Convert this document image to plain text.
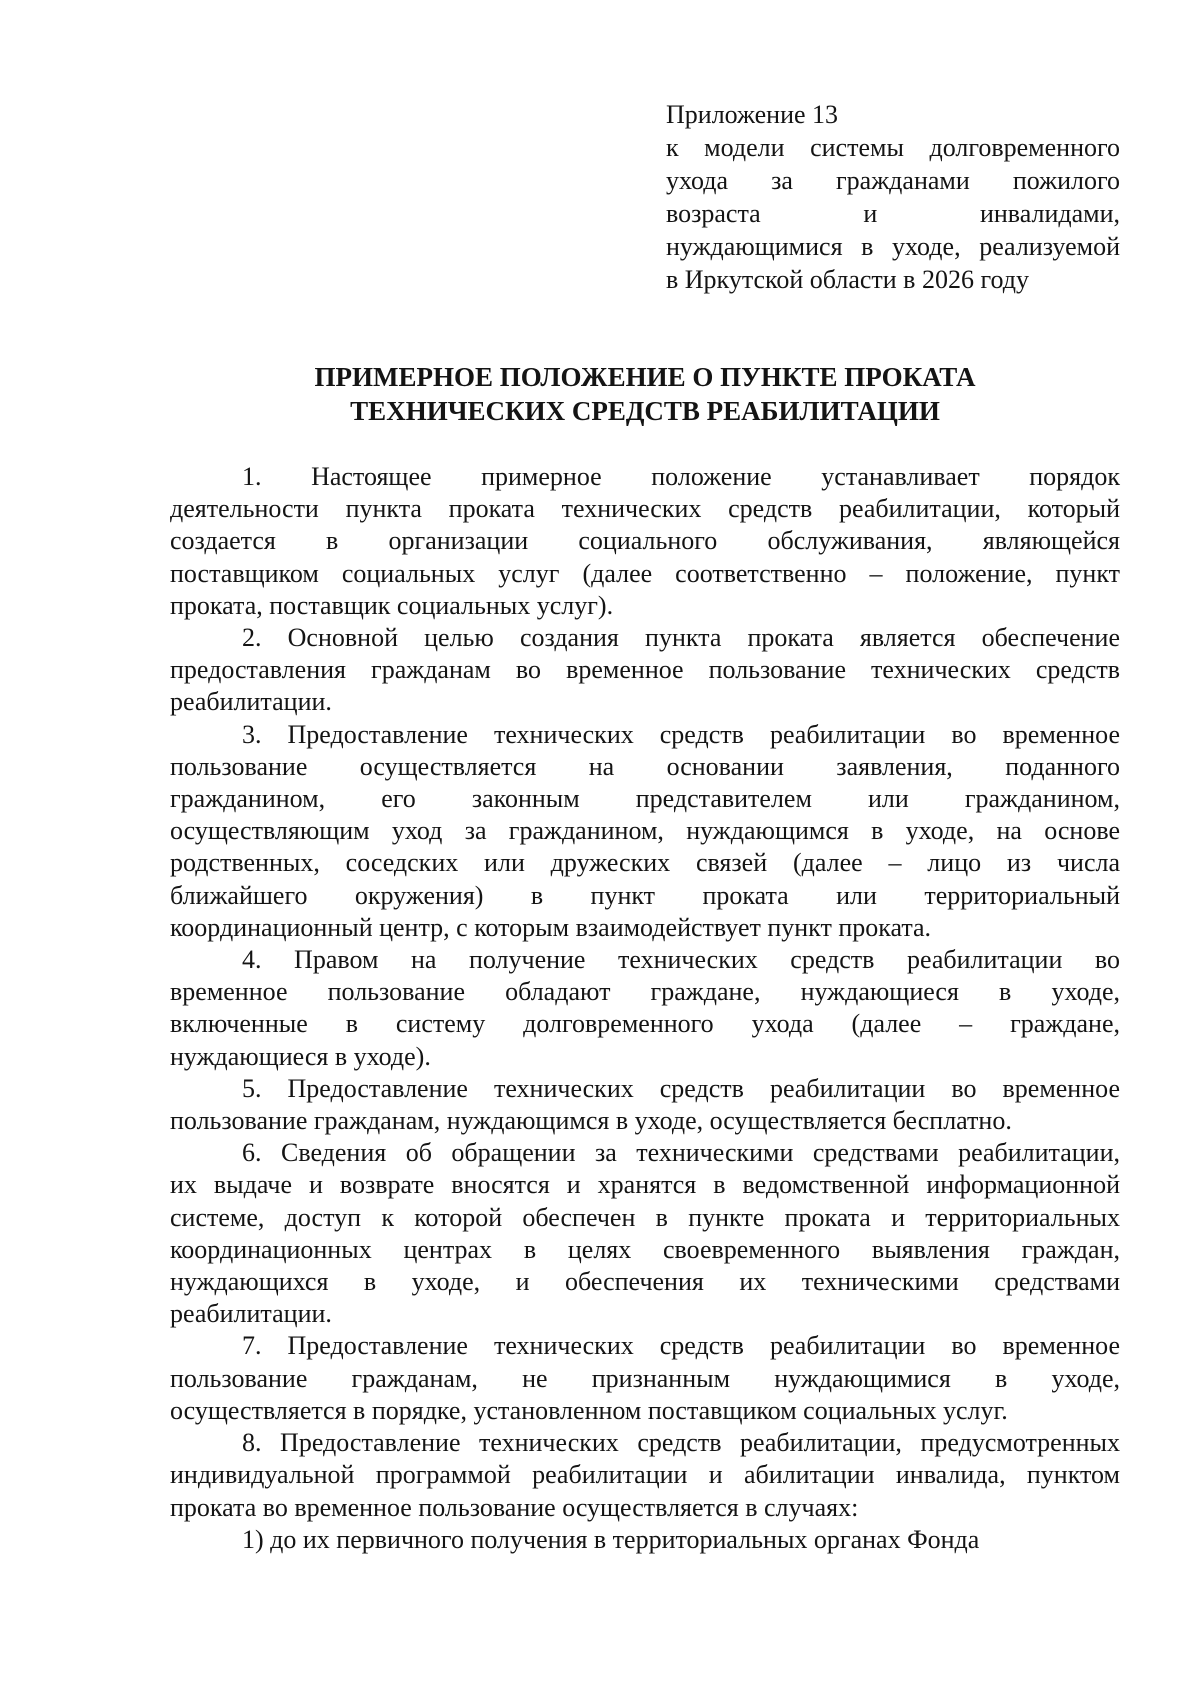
Приложение 13
к модели системы долговременного
ухода за гражданами пожилого
возраста и инвалидами,
нуждающимися в уходе, реализуемой
в Иркутской области в 2026 году
ПРИМЕРНОЕ ПОЛОЖЕНИЕ О ПУНКТЕ ПРОКАТА
ТЕХНИЧЕСКИХ СРЕДСТВ РЕАБИЛИТАЦИИ
1. Настоящее примерное положение устанавливает порядок
деятельности пункта проката технических средств реабилитации, который
создается в организации социального обслуживания, являющейся
поставщиком социальных услуг (далее соответственно – положение, пункт
проката, поставщик социальных услуг).
2. Основной целью создания пункта проката является обеспечение
предоставления гражданам во временное пользование технических средств
реабилитации.
3. Предоставление технических средств реабилитации во временное
пользование осуществляется на основании заявления, поданного
гражданином, его законным представителем или гражданином,
осуществляющим уход за гражданином, нуждающимся в уходе, на основе
родственных, соседских или дружеских связей (далее – лицо из числа
ближайшего окружения) в пункт проката или территориальный
координационный центр, с которым взаимодействует пункт проката.
4. Правом на получение технических средств реабилитации во
временное пользование обладают граждане, нуждающиеся в уходе,
включенные в систему долговременного ухода (далее – граждане,
нуждающиеся в уходе).
5. Предоставление технических средств реабилитации во временное
пользование гражданам, нуждающимся в уходе, осуществляется бесплатно.
6. Сведения об обращении за техническими средствами реабилитации,
их выдаче и возврате вносятся и хранятся в ведомственной информационной
системе, доступ к которой обеспечен в пункте проката и территориальных
координационных центрах в целях своевременного выявления граждан,
нуждающихся в уходе, и обеспечения их техническими средствами
реабилитации.
7. Предоставление технических средств реабилитации во временное
пользование гражданам, не признанным нуждающимися в уходе,
осуществляется в порядке, установленном поставщиком социальных услуг.
8. Предоставление технических средств реабилитации, предусмотренных
индивидуальной программой реабилитации и абилитации инвалида, пунктом
проката во временное пользование осуществляется в случаях:
1) до их первичного получения в территориальных органах Фонда
